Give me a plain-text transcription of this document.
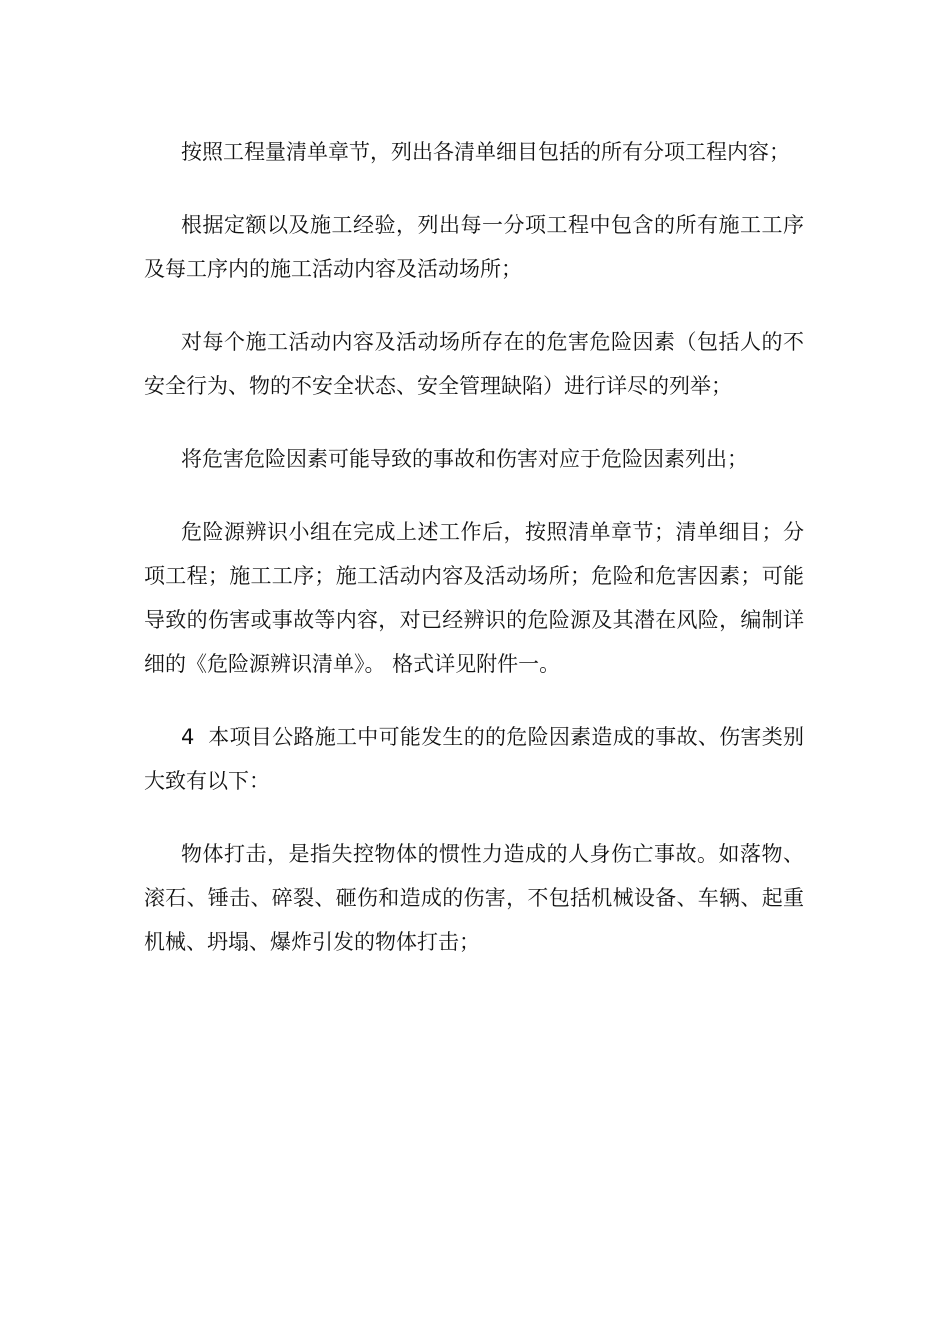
按照工程量清单章节，列出各清单细目包括的所有分项工程内容；

根据定额以及施工经验，列出每一分项工程中包含的所有施工工序及每工序内的施工活动内容及活动场所；

对每个施工活动内容及活动场所存在的危害危险因素（包括人的不安全行为、物的不安全状态、安全管理缺陷）进行详尽的列举；

将危害危险因素可能导致的事故和伤害对应于危险因素列出；

危险源辨识小组在完成上述工作后，按照清单章节；清单细目；分项工程；施工工序；施工活动内容及活动场所；危险和危害因素；可能导致的伤害或事故等内容，对已经辨识的危险源及其潜在风险，编制详细的《危险源辨识清单》。 格式详见附件一。

4  本项目公路施工中可能发生的的危险因素造成的事故、伤害类别大致有以下：

物体打击，是指失控物体的惯性力造成的人身伤亡事故。如落物、滚石、锤击、碎裂、砸伤和造成的伤害，不包括机械设备、车辆、起重机械、坍塌、爆炸引发的物体打击；
